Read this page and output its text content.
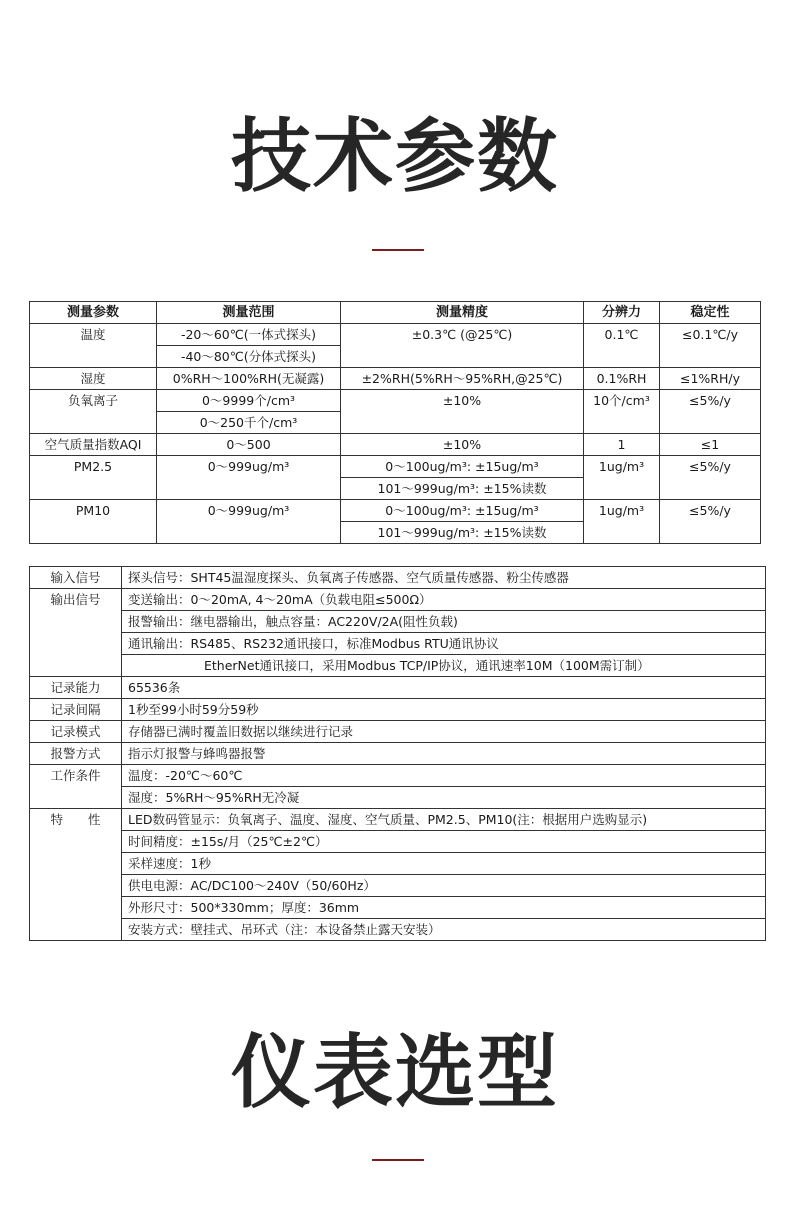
技术参数
测量参数	测量范围	测量精度	分辨力	稳定性
温度	-20～60℃(一体式探头)	±0.3℃ (@25℃)	0.1℃	≤0.1℃/y
	-40～80℃(分体式探头)			
湿度	0%RH～100%RH(无凝露)	±2%RH(5%RH～95%RH,@25℃)	0.1%RH	≤1%RH/y
负氧离子	0～9999个/cm³	±10%	10个/cm³	≤5%/y
	0～250千个/cm³			
空气质量指数AQI	0～500	±10%	1	≤1
PM2.5	0～999ug/m³	0～100ug/m³: ±15ug/m³	1ug/m³	≤5%/y
		101～999ug/m³: ±15%读数		
PM10	0～999ug/m³	0～100ug/m³: ±15ug/m³	1ug/m³	≤5%/y
		101～999ug/m³: ±15%读数		
输入信号	探头信号：SHT45温湿度探头、负氧离子传感器、空气质量传感器、粉尘传感器
输出信号	变送输出：0～20mA, 4～20mA（负载电阻≤500Ω）
	报警输出：继电器输出，触点容量：AC220V/2A(阻性负载)
	通讯输出：RS485、RS232通讯接口，标准Modbus RTU通讯协议
	EtherNet通讯接口，采用Modbus TCP/IP协议，通讯速率10M（100M需订制）
记录能力	65536条
记录间隔	1秒至99小时59分59秒
记录模式	存储器已满时覆盖旧数据以继续进行记录
报警方式	指示灯报警与蜂鸣器报警
工作条件	温度：-20℃～60℃
	湿度：5%RH～95%RH无冷凝
特　　性	LED数码管显示：负氧离子、温度、湿度、空气质量、PM2.5、PM10(注：根据用户选购显示)
	时间精度：±15s/月（25℃±2℃）
	采样速度：1秒
	供电电源：AC/DC100～240V（50/60Hz）
	外形尺寸：500*330mm；厚度：36mm
	安装方式：壁挂式、吊环式（注：本设备禁止露天安装）
仪表选型
